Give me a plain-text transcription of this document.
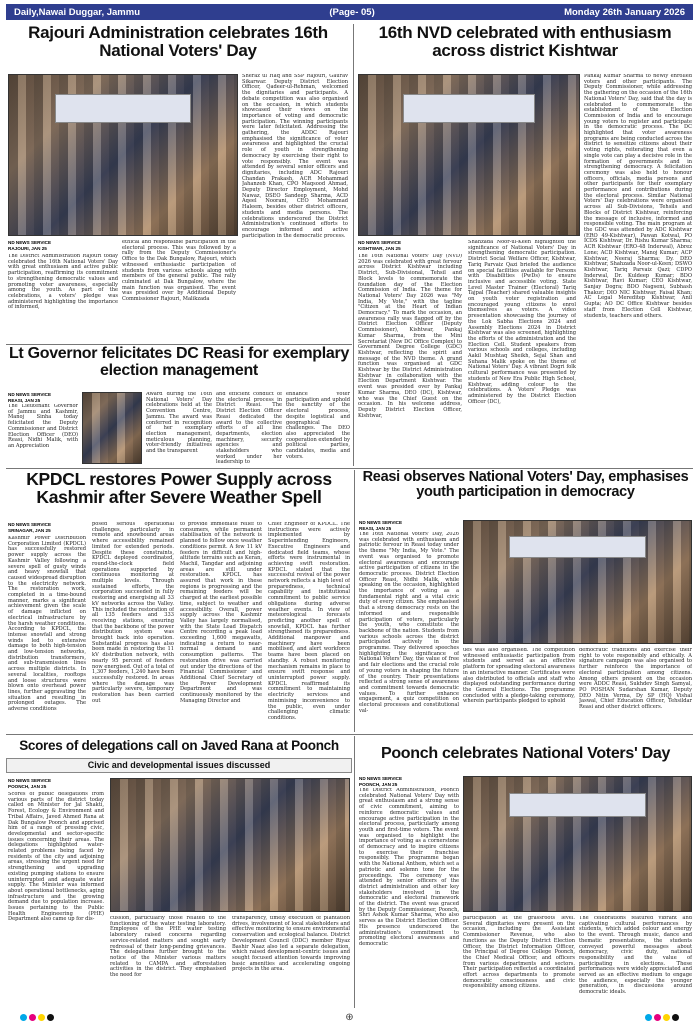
Daily,Nawai Duggar, Jammu	(Page- 05)	Monday 26th January 2026
Rajouri Administration celebrates 16th National Voters' Day
ND NEWS SERVICE
RAJOURI, JAN 25
The District Administration Rajouri today celebrated the 16th National Voters' Day with great enthusiasm and active public participation, reaffirming its commitment to strengthening democratic values and promoting voter awareness, especially among the youth. As part of the celebrations, a voters' pledge was administered highlighting the importance of informed,
ethical and responsible participation in the electoral process. This was followed by a rally from the Deputy Commissioner's Office to the Dak Bungalow, Rajouri, which witnessed enthusiastic participation of students from various schools along with members of the general public. The rally culminated at Dak Bungalow, where the main function was organised. The event was presided over by Additional Deputy Commissioner Rajouri, Malikzada
Sheraz ul Haq and SSP Rajouri, Gaurav Sikarwar. Deputy District Election Officer, Qadeer-ul-Rehman, welcomed the dignitaries and participants. A debate competition was also organised on the occasion, in which students showcased their views on the importance of voting and democratic participation. The winning participants were later felicitated. Addressing the gathering, the ADDC Rajouri emphasised the significance of voter awareness and highlighted the crucial role of youth in strengthening democracy by exercising their right to vote responsibly. The event was attended by several senior officers and dignitaries, including ADC Rajouri Chandan Prakash, ACR Mohammad Jahanzeb Khan, CPO Maqsood Ahmad, Deputy Director Employment, Mohd Nawaz, DSEO Sandeep Sharma, ACD Aqeel Noorani, CEO Mohammad Haleem, besides other district officers, students and media persons. The celebrations underscored the District Administration's continued efforts to encourage informed and active participation in the democratic process.
16th NVD celebrated with enthusiasm across district Kishtwar
ND NEWS SERVICE
KISHTWAR, JAN 25
The 16th National Voters' Day (NVD) 2026 was celebrated with great fervour across District Kishtwar including District, Sub-Divisional, Tehsil and Block levels to commemorate the foundation day of the Election Commission of India. The theme for National Voters' Day 2026 was "My India, My Vote," with the tagline "Citizen at the Heart of Indian Democracy." To mark the occasion, an awareness rally was flagged off by the District Election Officer (Deputy Commissioner), Kishtwar, Pankaj Kumar Sharma, from the Mini Secretariat (New DC Office Complex) to Government Degree College (GDC) Kishtwar, reflecting the spirit and message of the NVD theme. A grand function was organised at GDC Kishtwar by the District Administration Kishtwar in collaboration with the Election Department Kishtwar. The event was presided over by Pankaj Kumar Sharma, DEO (DC), Kishtwar, who was the Chief Guest on the occasion. In his welcome address, Deputy District Election Officer, Kishtwar,
Shahzada Noor-ul-Keen highlighted the significance of National Voters' Day in strengthening democratic participation. District Social Welfare Officer, Kishtwar, Tariq Parvaiz Qazi briefed the audience on special facilities available for Persons with Disabilities (PwDs) to ensure inclusive and accessible voting. State Level Master Trainer (Electoral) Tariq Tajpal (Teacher) shared valuable insights on youth voter registration and encouraged young citizens to enrol themselves as voters. A video presentation showcasing the journey of the Lok Sabha Elections 2024 and Assembly Elections 2024 in District Kishtwar was also screened, highlighting the efforts of the administration and the Election Cell. Student speakers from various schools and colleges, including Aakil Mushtaq Sheikh, Sejal Shan and Suhana Malik spoke on the theme of National Voters' Day. A vibrant Dogri folk cultural performance was presented by students of New Era Public High School, Kishtwar, adding colour to the celebrations. A Voters' Pledge was administered by the District Election Officer (DC),
Pankaj Kumar Sharma to newly enrolled voters and other participants. The Deputy Commissioner, while addressing the gathering on the occasion of the 16th National Voters' Day, said that the day is celebrated to commemorate the establishment of the Election Commission of India and to encourage young voters to register and participate in the democratic process. The DC highlighted that voter awareness programs are being conducted across the district to sensitize citizens about their voting rights, reiterating that even a single vote can play a decisive role in the formation of governments and in strengthening democracy. A felicitation ceremony was also held to honour officers, officials, media persons and other participants for their exemplary performance and contributions during the electoral process. Similar National Voters' Day celebrations were organised across all Sub-Divisions, Tehsils and Blocks of District Kishtwar, reinforcing the message of inclusive, informed and responsible voting. The main program at the GDC was attended by ADC Kishtwar (ERO 49-Kishtwar), Pawan Kotwal, PO ICDS Kishtwar, Dr. Rishu Kumar Sharma; ACR Kishtwar (ERO-48 Inderwal), Abrez Lone; ACD Kishtwar, Manoj Kumar; ACP Kishtwar, Neeraj Sharma; Dy. DEO Kishtwar, Shahzada Noor-ul-Keen; DSWO Kishtwar, Tariq Parvaiz Qazi; CDPO Inderwal, Dr. Kuldeep Kumar; BDO Kishtwar, Ravi Kumar; CEO Kishtwar, Sanjay Dogra; BDO Nagseni, Subhash Thakur; DIO NIC Kishtwar, Faisal Khan; AC Legal Mereditep Kishtwar, Anil Gupta; AO DC Office Kishtwar besides staff from Election Cell Kishtwar, students, teachers and others.
Lt Governor felicitates DC Reasi for exemplary election management
ND NEWS SERVICE
REASI, JAN 25
The Lieutenant Governor of Jammu and Kashmir, Manoj Sinha today felicitated the Deputy Commissioner and District Election Officer (DEO) Reasi, Nidhi Malik, with an Appreciation
Award during the 16th National Voters' Day celebrations held at the Convention Centre, Jammu. The award was conferred in recognition of her exemplary election management, meticulous planning, voter-friendly initiatives and the transparent
and efficient conduct of the electoral process in District Reasi. The District Election Officer Reasi dedicated the award to the collective efforts of all line departments, election machinery, security agencies and stakeholders who worked under her leadership to
enhance voter participation and uphold the sanctity of the electoral process, despite logistical and geographical challenges. The DEO also appreciated the cooperation extended by political parties, candidates, media and voters.
KPDCL restores Power Supply across Kashmir after Severe Weather Spell
ND NEWS SERVICE
SRINAGAR, JAN 25
Kashmir Power Distribution Corporation Limited (KPDCL) has successfully restored power supply across the Kashmir Valley following a severe spell of gusty winds and heavy snowfall that caused widespread disruption to the electricity network. The restoration work, completed in a time-bound manner, marks a significant achievement given the scale of damage inflicted on electrical infrastructure by the harsh weather conditions. According to KPDCL, the intense snowfall and strong winds led to extensive damage to both high-tension and low-tension networks, distribution transformers, and sub-transmission lines across multiple districts. In several localities, rooftops and loose structures were blown onto overhead power lines, further aggravating the situation and resulting in prolonged outages. The adverse conditions
posed serious operational challenges, particularly in remote and snowbound areas where accessibility remained limited for extended periods. Despite these constraints, KPDCL deployed coordinated, round-the-clock field operations supported by continuous monitoring at multiple levels. Through sustained efforts, the corporation succeeded in fully restoring and energising all 33 kV networks across the Valley. This included the restoration of all 135 feeders and 333 receiving stations, ensuring that the backbone of the power distribution system was brought back into operation. Substantial progress has also been made in restoring the 11 kV distribution network, with nearly 95 percent of feeders now energised. Out of a total of 1,307 feeders, 1,240 have been successfully restored. In areas where the damage was particularly severe, temporary restoration has been carried out
to provide immediate relief to consumers, while permanent stabilisation of the network is planned to follow once weather conditions permit. A few 11 kV feeders in difficult and high-altitude terrains such as Keran, Machil, Tangdar and adjoining areas are still under restoration. KPDCL has assured that work in these regions is progressing and the remaining feeders will be charged at the earliest possible time, subject to weather and accessibility. Overall, power supply across the Kashmir Valley has largely normalised, with the State Load Dispatch Centre recording a peak load exceeding 1,600 megawatts, indicating a return to near-normal demand and consumption patterns. The restoration drive was carried out under the directions of the Financial Commissioner and Additional Chief Secretary of the Power Development Department and was continuously monitored by the Managing Director and
Chief Engineer of KPDCL. The instructions were actively implemented by Superintending Engineers, Executive Engineers and dedicated field teams, whose efforts were instrumental in achieving swift restoration. KPDCL stated that the successful revival of the power network reflects a high level of preparedness, technical capability and institutional commitment to public service obligations during adverse weather events. In view of meteorological forecasts predicting another spell of snowfall, KPDCL has further strengthened its preparedness. Additional manpower and machinery have been mobilised, and alert workforce teams have been placed on standby. A robust monitoring mechanism remains in place to ensure swift response and uninterrupted power supply. KPDCL reaffirmed its commitment to maintaining electricity services and minimising inconvenience to the public, even under challenging climatic conditions.
Reasi observes National Voters' Day, emphasises youth participation in democracy
ND NEWS SERVICE
REASI, JAN 25
The 16th National Voters' Day, 2026 was celebrated with enthusiasm and patriotic fervour in Reasi today under the theme "My India, My Vote." The event was organised to promote electoral awareness and encourage active participation of citizens in the democratic process. District Election Officer Reasi, Nidhi Malik, while speaking on the occasion, highlighted the importance of voting as a fundamental right and a vital civic duty of every citizen. She emphasised that a strong democracy rests on the informed and responsible participation of voters, particularly the youth, who constitute the backbone of the nation. Students from various schools across the district participated actively in the programme. They delivered speeches highlighting the significance of National Voters' Day, the value of free and fair elections and the crucial role of young voters in shaping the future of the country. Their presentations reflected a strong sense of awareness and commitment towards democratic values. To further enhance engagement, a quiz competition on electoral processes and constitutional val-
ues was also organised. The competition witnessed enthusiastic participation from students and served as an effective platform for spreading electoral awareness in an interactive manner. Certificates were also distributed to officials and staff who displayed outstanding performance during the General Elections. The programme concluded with a pledge-taking ceremony, wherein participants pledged to uphold
democratic traditions and exercise their right to vote responsibly and ethically. A signature campaign was also organised to further reinforce the importance of electoral participation among citizens. Among others present on the occasion were ADDC Reasi, Sukhdev Singh Samyal, PO POSHAN Sudarshan Kumar, Deputy DEO Nitin Verma, Dy SP (HQ) Vishal Jaswal, Chief Education Officer, Tehsildar Reasi and other district officers.
Scores of delegations call on Javed Rana at Poonch
Civic and developmental issues discussed
ND NEWS SERVICE
POONCH, JAN 25
Scores of public delegations from various parts of the district today called on Minister for Jal Shakti, Forest, Ecology & Environment and Tribal Affairs, Javed Ahmed Rana at Dak Bungalow Poonch and apprised him of a range of pressing civic, developmental and sector-specific issues concerning their areas. The delegations highlighted water-related problems being faced by residents of the city and adjoining areas, stressing the urgent need for strengthening and upgrading existing pumping stations to ensure uninterrupted and adequate water supply. The Minister was informed about operational bottlenecks, aging infrastructure and the growing demand due to population increase. Issues pertaining to the Public Health Engineering (PHE) Department also came up for dis-	cussion, particularly those related to the functioning of the water testing laboratory. Employees of the PHE water testing laboratory raised concerns regarding service-related matters and sought early redressal of their long-pending grievances. The delegations further brought to the notice of the Minister various matters related to CAMPA and afforestation activities in the district. They emphasised the need for
transparency, timely execution of plantation drives, involvement of local stakeholders and effective monitoring to ensure environmental conservation and ecological balance. District Development Council (DDC) member Riyaz Bashir Naaz also led a separate delegation, which raised development-centric issues and sought focused attention towards improving basic amenities and accelerating ongoing projects in the area.
Poonch celebrates National Voters' Day
ND NEWS SERVICE
POONCH, JAN 25
The District Administration, Poonch celebrated National Voters' Day with great enthusiasm and a strong sense of civic commitment, aiming to reinforce democratic values and encourage active participation in the electoral process, particularly among youth and first-time voters. The event was organised to highlight the importance of voting as a cornerstone of democracy and to inspire citizens to exercise their franchise responsibly. The programme began with the National Anthem, which set a patriotic and solemn tone for the proceedings. The ceremony was attended by senior officers of the district administration and other key stakeholders involved in the democratic and electoral framework of the district. The event was graced by the Deputy Commissioner, Poonch, Shri Ashok Kumar Sharma, who also serves as the District Election Officer. His presence underscored the administration's commitment to promoting electoral awareness and democratic
participation at the grassroots level. Several dignitaries were present on the occasion, including the Assistant Commissioner Revenue, who also functions as the Deputy District Election Officer, the District Information Officer, the Principal of Degree College Poonch, the Chief Medical Officer, and officers from various departments and sectors. Their participation reflected a coordinated effort across departments to promote democratic consciousness and civic responsibility among citizens.
The celebrations featured vibrant and captivating cultural performances by students, which added colour and energy to the event. Through music, dance and thematic presentations, the students conveyed powerful messages about democracy, civic duty, national responsibility and the value of participating in elections. These performances were widely appreciated and served as an effective medium to engage the audience, especially the younger generation, in discussions around democratic ideals.
⊕
